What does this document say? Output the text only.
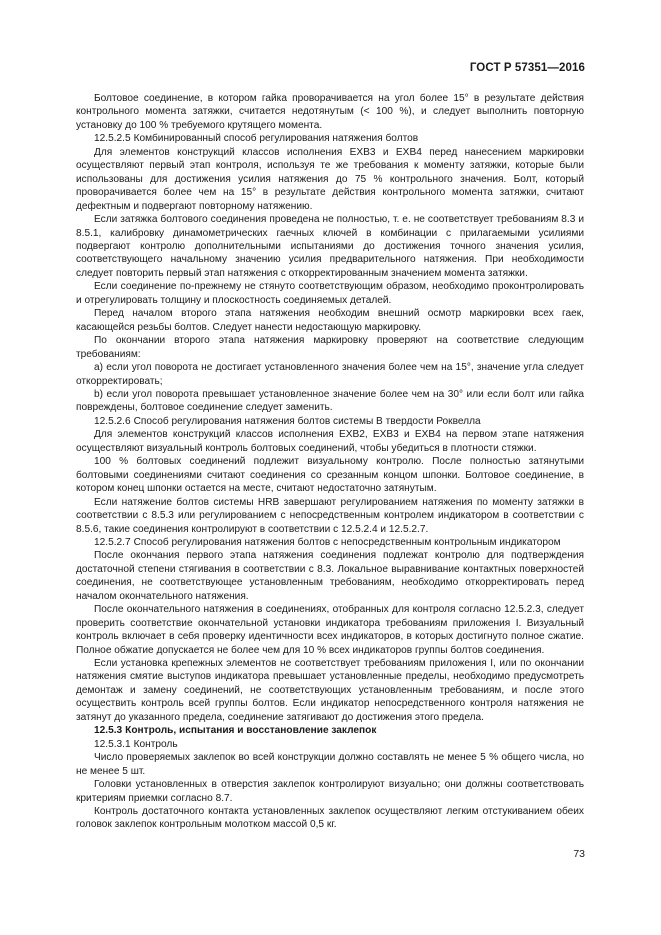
ГОСТ Р 57351—2016

Болтовое соединение, в котором гайка проворачивается на угол более 15° в результате действия контрольного момента затяжки, считается недотянутым (< 100 %), и следует выполнить повторную установку до 100 % требуемого крутящего момента.

12.5.2.5 Комбинированный способ регулирования натяжения болтов

Для элементов конструкций классов исполнения EXB3 и EXB4 перед нанесением маркировки осуществляют первый этап контроля, используя те же требования к моменту затяжки, которые были использованы для достижения усилия натяжения до 75 % контрольного значения. Болт, который проворачивается более чем на 15° в результате действия контрольного момента затяжки, считают дефектным и подвергают повторному натяжению.

Если затяжка болтового соединения проведена не полностью, т. е. не соответствует требованиям 8.3 и 8.5.1, калибровку динамометрических гаечных ключей в комбинации с прилагаемыми усилиями подвергают контролю дополнительными испытаниями до достижения точного значения усилия, соответствующего начальному значению усилия предварительного натяжения. При необходимости следует повторить первый этап натяжения с откорректированным значением момента затяжки.

Если соединение по-прежнему не стянуто соответствующим образом, необходимо проконтролировать и отрегулировать толщину и плоскостность соединяемых деталей.

Перед началом второго этапа натяжения необходим внешний осмотр маркировки всех гаек, касающейся резьбы болтов. Следует нанести недостающую маркировку.

По окончании второго этапа натяжения маркировку проверяют на соответствие следующим требованиям:

a) если угол поворота не достигает установленного значения более чем на 15°, значение угла следует откорректировать;

b) если угол поворота превышает установленное значение более чем на 30° или если болт или гайка повреждены, болтовое соединение следует заменить.

12.5.2.6 Способ регулирования натяжения болтов системы В твердости Роквелла

Для элементов конструкций классов исполнения EXB2, EXB3 и EXB4 на первом этапе натяжения осуществляют визуальный контроль болтовых соединений, чтобы убедиться в плотности стяжки.

100 % болтовых соединений подлежит визуальному контролю. После полностью затянутыми болтовыми соединениями считают соединения со срезанным концом шпонки. Болтовое соединение, в котором конец шпонки остается на месте, считают недостаточно затянутым.

Если натяжение болтов системы HRB завершают регулированием натяжения по моменту затяжки в соответствии с 8.5.3 или регулированием с непосредственным контролем индикатором в соответствии с 8.5.6, такие соединения контролируют в соответствии с 12.5.2.4 и 12.5.2.7.

12.5.2.7 Способ регулирования натяжения болтов с непосредственным контрольным индикатором

После окончания первого этапа натяжения соединения подлежат контролю для подтверждения достаточной степени стягивания в соответствии с 8.3. Локальное выравнивание контактных поверхностей соединения, не соответствующее установленным требованиям, необходимо откорректировать перед началом окончательного натяжения.

После окончательного натяжения в соединениях, отобранных для контроля согласно 12.5.2.3, следует проверить соответствие окончательной установки индикатора требованиям приложения I. Визуальный контроль включает в себя проверку идентичности всех индикаторов, в которых достигнуто полное сжатие. Полное обжатие допускается не более чем для 10 % всех индикаторов группы болтов соединения.

Если установка крепежных элементов не соответствует требованиям приложения I, или по окончании натяжения смятие выступов индикатора превышает установленные пределы, необходимо предусмотреть демонтаж и замену соединений, не соответствующих установленным требованиям, и после этого осуществить контроль всей группы болтов. Если индикатор непосредственного контроля натяжения не затянут до указанного предела, соединение затягивают до достижения этого предела.

12.5.3 Контроль, испытания и восстановление заклепок

12.5.3.1 Контроль

Число проверяемых заклепок во всей конструкции должно составлять не менее 5 % общего числа, но не менее 5 шт.

Головки установленных в отверстия заклепок контролируют визуально; они должны соответствовать критериям приемки согласно 8.7.

Контроль достаточного контакта установленных заклепок осуществляют легким отстукиванием обеих головок заклепок контрольным молотком массой 0,5 кг.

73
